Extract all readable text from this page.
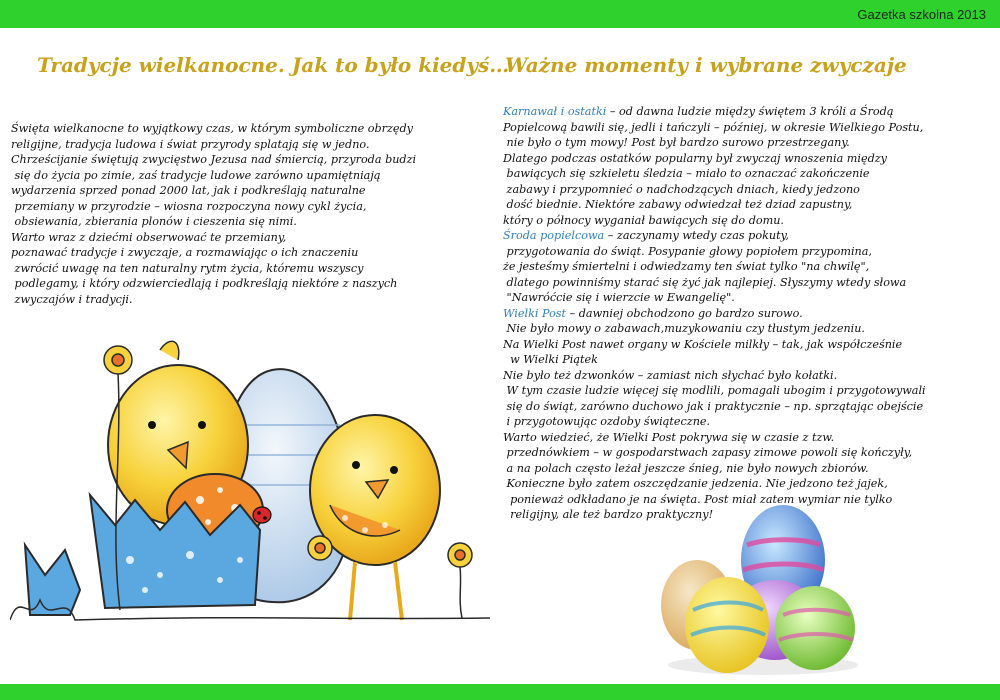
Gazetka szkolna 2013
Tradycje wielkanocne. Jak to było kiedyś…
Ważne momenty i wybrane zwyczaje
Święta wielkanocne to wyjątkowy czas, w którym symboliczne obrzędy
religijne, tradycja ludowa i świat przyrody splatają się w jedno.
Chrześcijanie świętują zwycięstwo Jezusa nad śmiercią, przyroda budzi
się do życia po zimie, zaś tradycje ludowe zarówno upamiętniają
wydarzenia sprzed ponad 2000 lat, jak i podkreślają naturalne
przemiany w przyrodzie – wiosna rozpoczyna nowy cykl życia,
obsiewania, zbierania plonów i cieszenia się nimi.
Warto wraz z dziećmi obserwować te przemiany,
poznawać tradycje i zwyczaje, a rozmawiając o ich znaczeniu
zwrócić uwagę na ten naturalny rytm życia, któremu wszyscy
podlegamy, i który odzwierciedlają i podkreślają niektóre z naszych
zwyczajów i tradycji.
Karnawał i ostatki – od dawna ludzie między świętem 3 króli a Środą
Popielcową bawili się, jedli i tańczyli – później, w okresie Wielkiego Postu,
nie było o tym mowy! Post był bardzo surowo przestrzegany.
Dlatego podczas ostatków popularny był zwyczaj wnoszenia między
bawiących się szkieletu śledzia – miało to oznaczać zakończenie
zabawy i przypomnieć o nadchodzących dniach, kiedy jedzono
dość biednie. Niektóre zabawy odwiedzał też dziad zapustny,
który o północy wyganiał bawiących się do domu.
Środa popielcowa – zaczynamy wtedy czas pokuty,
przygotowania do świąt. Posypanie głowy popiołem przypomina,
że jesteśmy śmiertelni i odwiedzamy ten świat tylko "na chwilę",
dlatego powinniśmy starać się żyć jak najlepiej. Słyszymy wtedy słowa
"Nawróćcie się i wierzcie w Ewangelię".
Wielki Post – dawniej obchodzono go bardzo surowo.
Nie było mowy o zabawach,muzykowaniu czy tłustym jedzeniu.
Na Wielki Post nawet organy w Kościele milkły – tak, jak współcześnie
w Wielki Piątek
Nie było też dzwonków – zamiast nich słychać było kołatki.
W tym czasie ludzie więcej się modlili, pomagali ubogim i przygotowywali
się do świąt, zarówno duchowo jak i praktycznie – np. sprzątając obejście
i przygotowując ozdoby świąteczne.
Warto wiedzieć, że Wielki Post pokrywa się w czasie z tzw.
przednówkiem – w gospodarstwach zapasy zimowe powoli się kończyły,
a na polach często leżał jeszcze śnieg, nie było nowych zbiorów.
Konieczne było zatem oszczędzanie jedzenia. Nie jedzono też jajek,
ponieważ odkładano je na święta. Post miał zatem wymiar nie tylko
religijny, ale też bardzo praktyczny!
